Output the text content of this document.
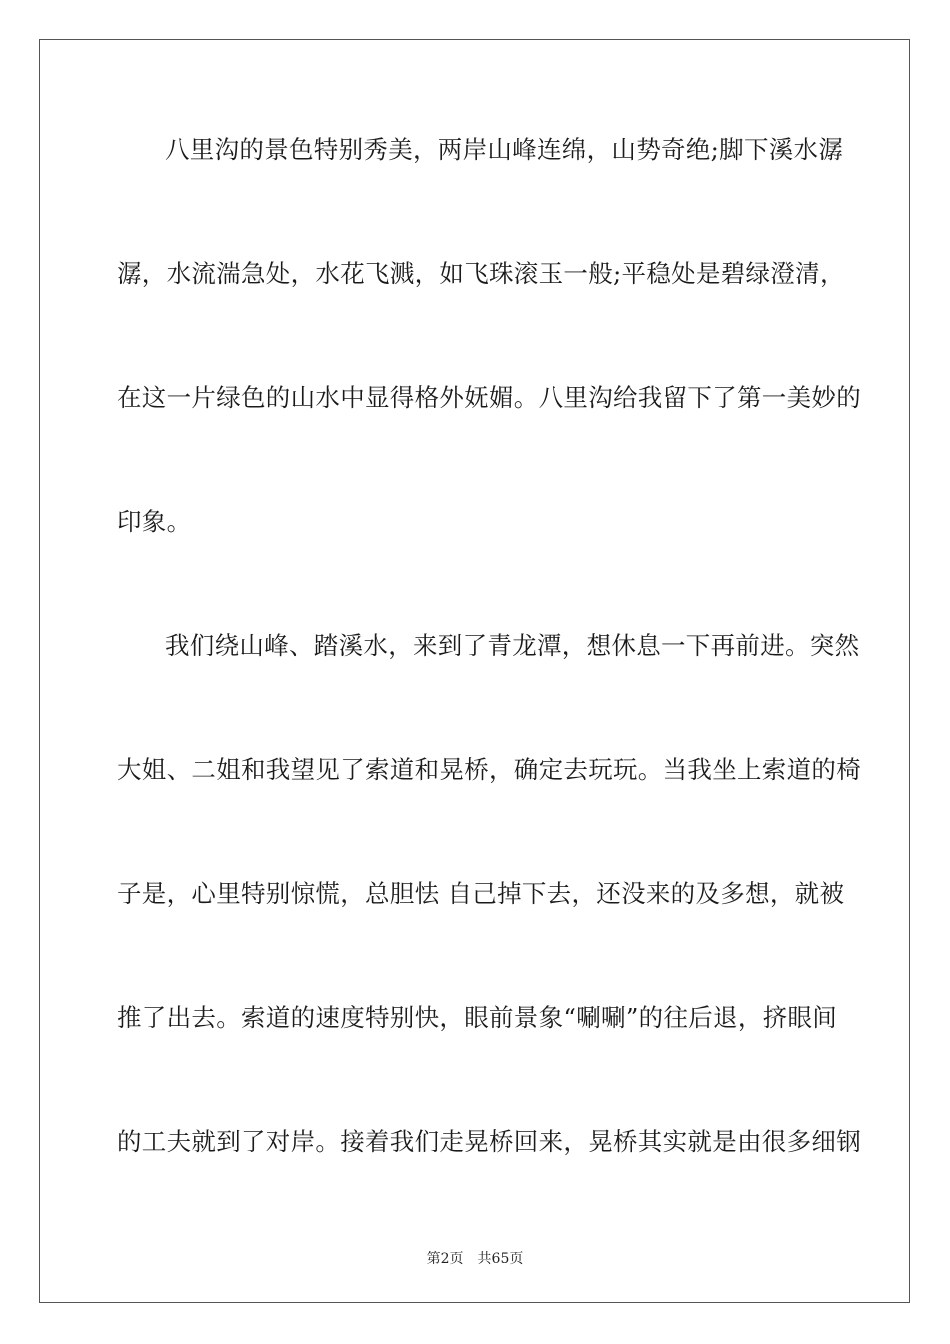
八里沟的景色特别秀美，两岸山峰连绵，山势奇绝;脚下溪水潺
潺，水流湍急处，水花飞溅，如飞珠滚玉一般;平稳处是碧绿澄清，
在这一片绿色的山水中显得格外妩媚。八里沟给我留下了第一美妙的
印象。
我们绕山峰、踏溪水，来到了青龙潭，想休息一下再前进。突然
大姐、二姐和我望见了索道和晃桥，确定去玩玩。当我坐上索道的椅
子是，心里特别惊慌，总胆怯 自己掉下去，还没来的及多想，就被
推了出去。索道的速度特别快，眼前景象“唰唰”的往后退，挤眼间
的工夫就到了对岸。接着我们走晃桥回来，晃桥其实就是由很多细钢
第2页 共65页
